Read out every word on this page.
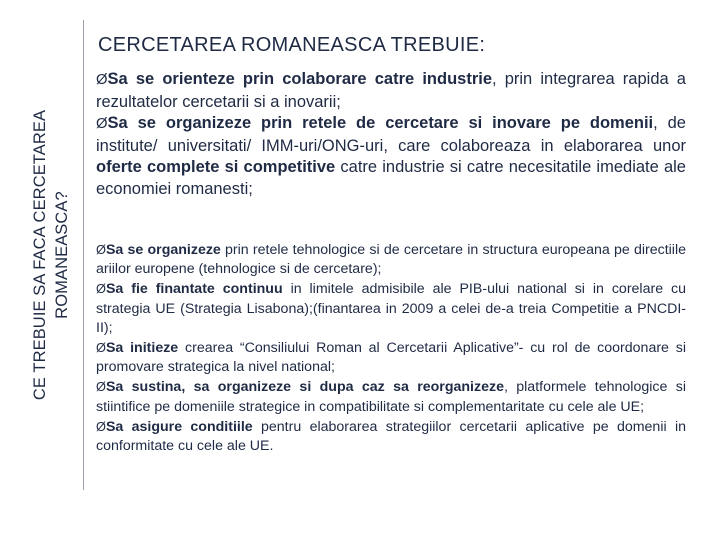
CE TREBUIE SA FACA CERCETAREA ROMANEASCA?
CERCETAREA ROMANEASCA TREBUIE:
ØSa se orienteze prin colaborare catre industrie, prin integrarea rapida a rezultatelor cercetarii si a inovarii;
ØSa se organizeze prin retele de cercetare si inovare pe domenii, de institute/ universitati/ IMM-uri/ONG-uri, care colaboreaza in elaborarea unor oferte complete si competitive catre industrie si catre necesitatile imediate ale economiei romanesti;
ØSa se organizeze prin retele tehnologice si de cercetare in structura europeana pe directiile ariilor europene (tehnologice si de cercetare);
ØSa fie finantate continuu in limitele admisibile ale PIB-ului national si in corelare cu strategia UE (Strategia Lisabona);(finantarea in 2009 a celei de-a treia Competitie a PNCDI- II);
ØSa initieze crearea “Consiliului Roman al Cercetarii Aplicative”- cu rol de coordonare si promovare strategica la nivel national;
ØSa sustina, sa organizeze si dupa caz sa reorganizeze, platformele tehnologice si stiintifice pe domeniile strategice in compatibilitate si complementaritate cu cele ale UE;
ØSa asigure conditiile pentru elaborarea strategiilor cercetarii aplicative pe domenii in conformitate cu cele ale UE.
